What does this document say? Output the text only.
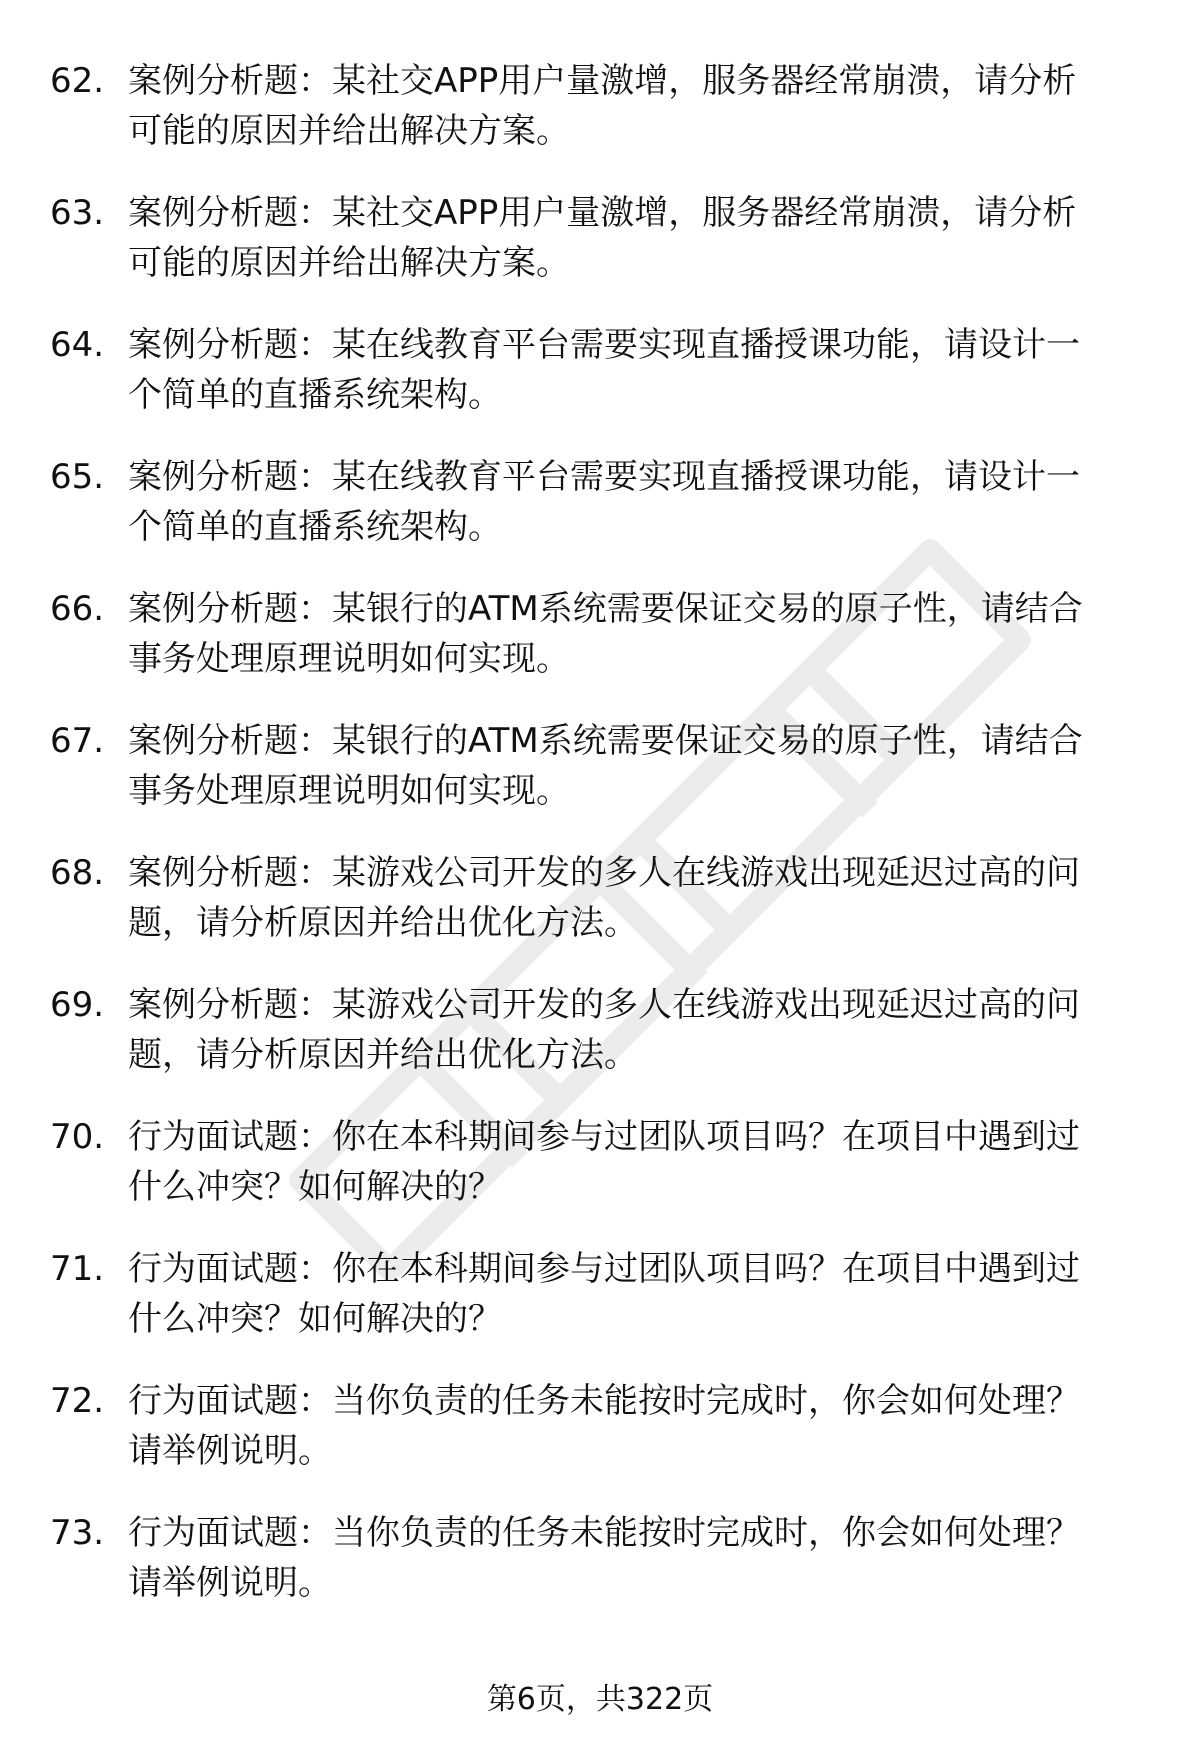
62. 案例分析题：某社交APP用户量激增，服务器经常崩溃，请分析
可能的原因并给出解决方案。
63. 案例分析题：某社交APP用户量激增，服务器经常崩溃，请分析
可能的原因并给出解决方案。
64. 案例分析题：某在线教育平台需要实现直播授课功能，请设计一
个简单的直播系统架构。
65. 案例分析题：某在线教育平台需要实现直播授课功能，请设计一
个简单的直播系统架构。
66. 案例分析题：某银行的ATM系统需要保证交易的原子性，请结合
事务处理原理说明如何实现。
67. 案例分析题：某银行的ATM系统需要保证交易的原子性，请结合
事务处理原理说明如何实现。
68. 案例分析题：某游戏公司开发的多人在线游戏出现延迟过高的问
题，请分析原因并给出优化方法。
69. 案例分析题：某游戏公司开发的多人在线游戏出现延迟过高的问
题，请分析原因并给出优化方法。
70. 行为面试题：你在本科期间参与过团队项目吗？在项目中遇到过
什么冲突？如何解决的？
71. 行为面试题：你在本科期间参与过团队项目吗？在项目中遇到过
什么冲突？如何解决的？
72. 行为面试题：当你负责的任务未能按时完成时，你会如何处理？
请举例说明。
73. 行为面试题：当你负责的任务未能按时完成时，你会如何处理？
请举例说明。
第6页，共322页
